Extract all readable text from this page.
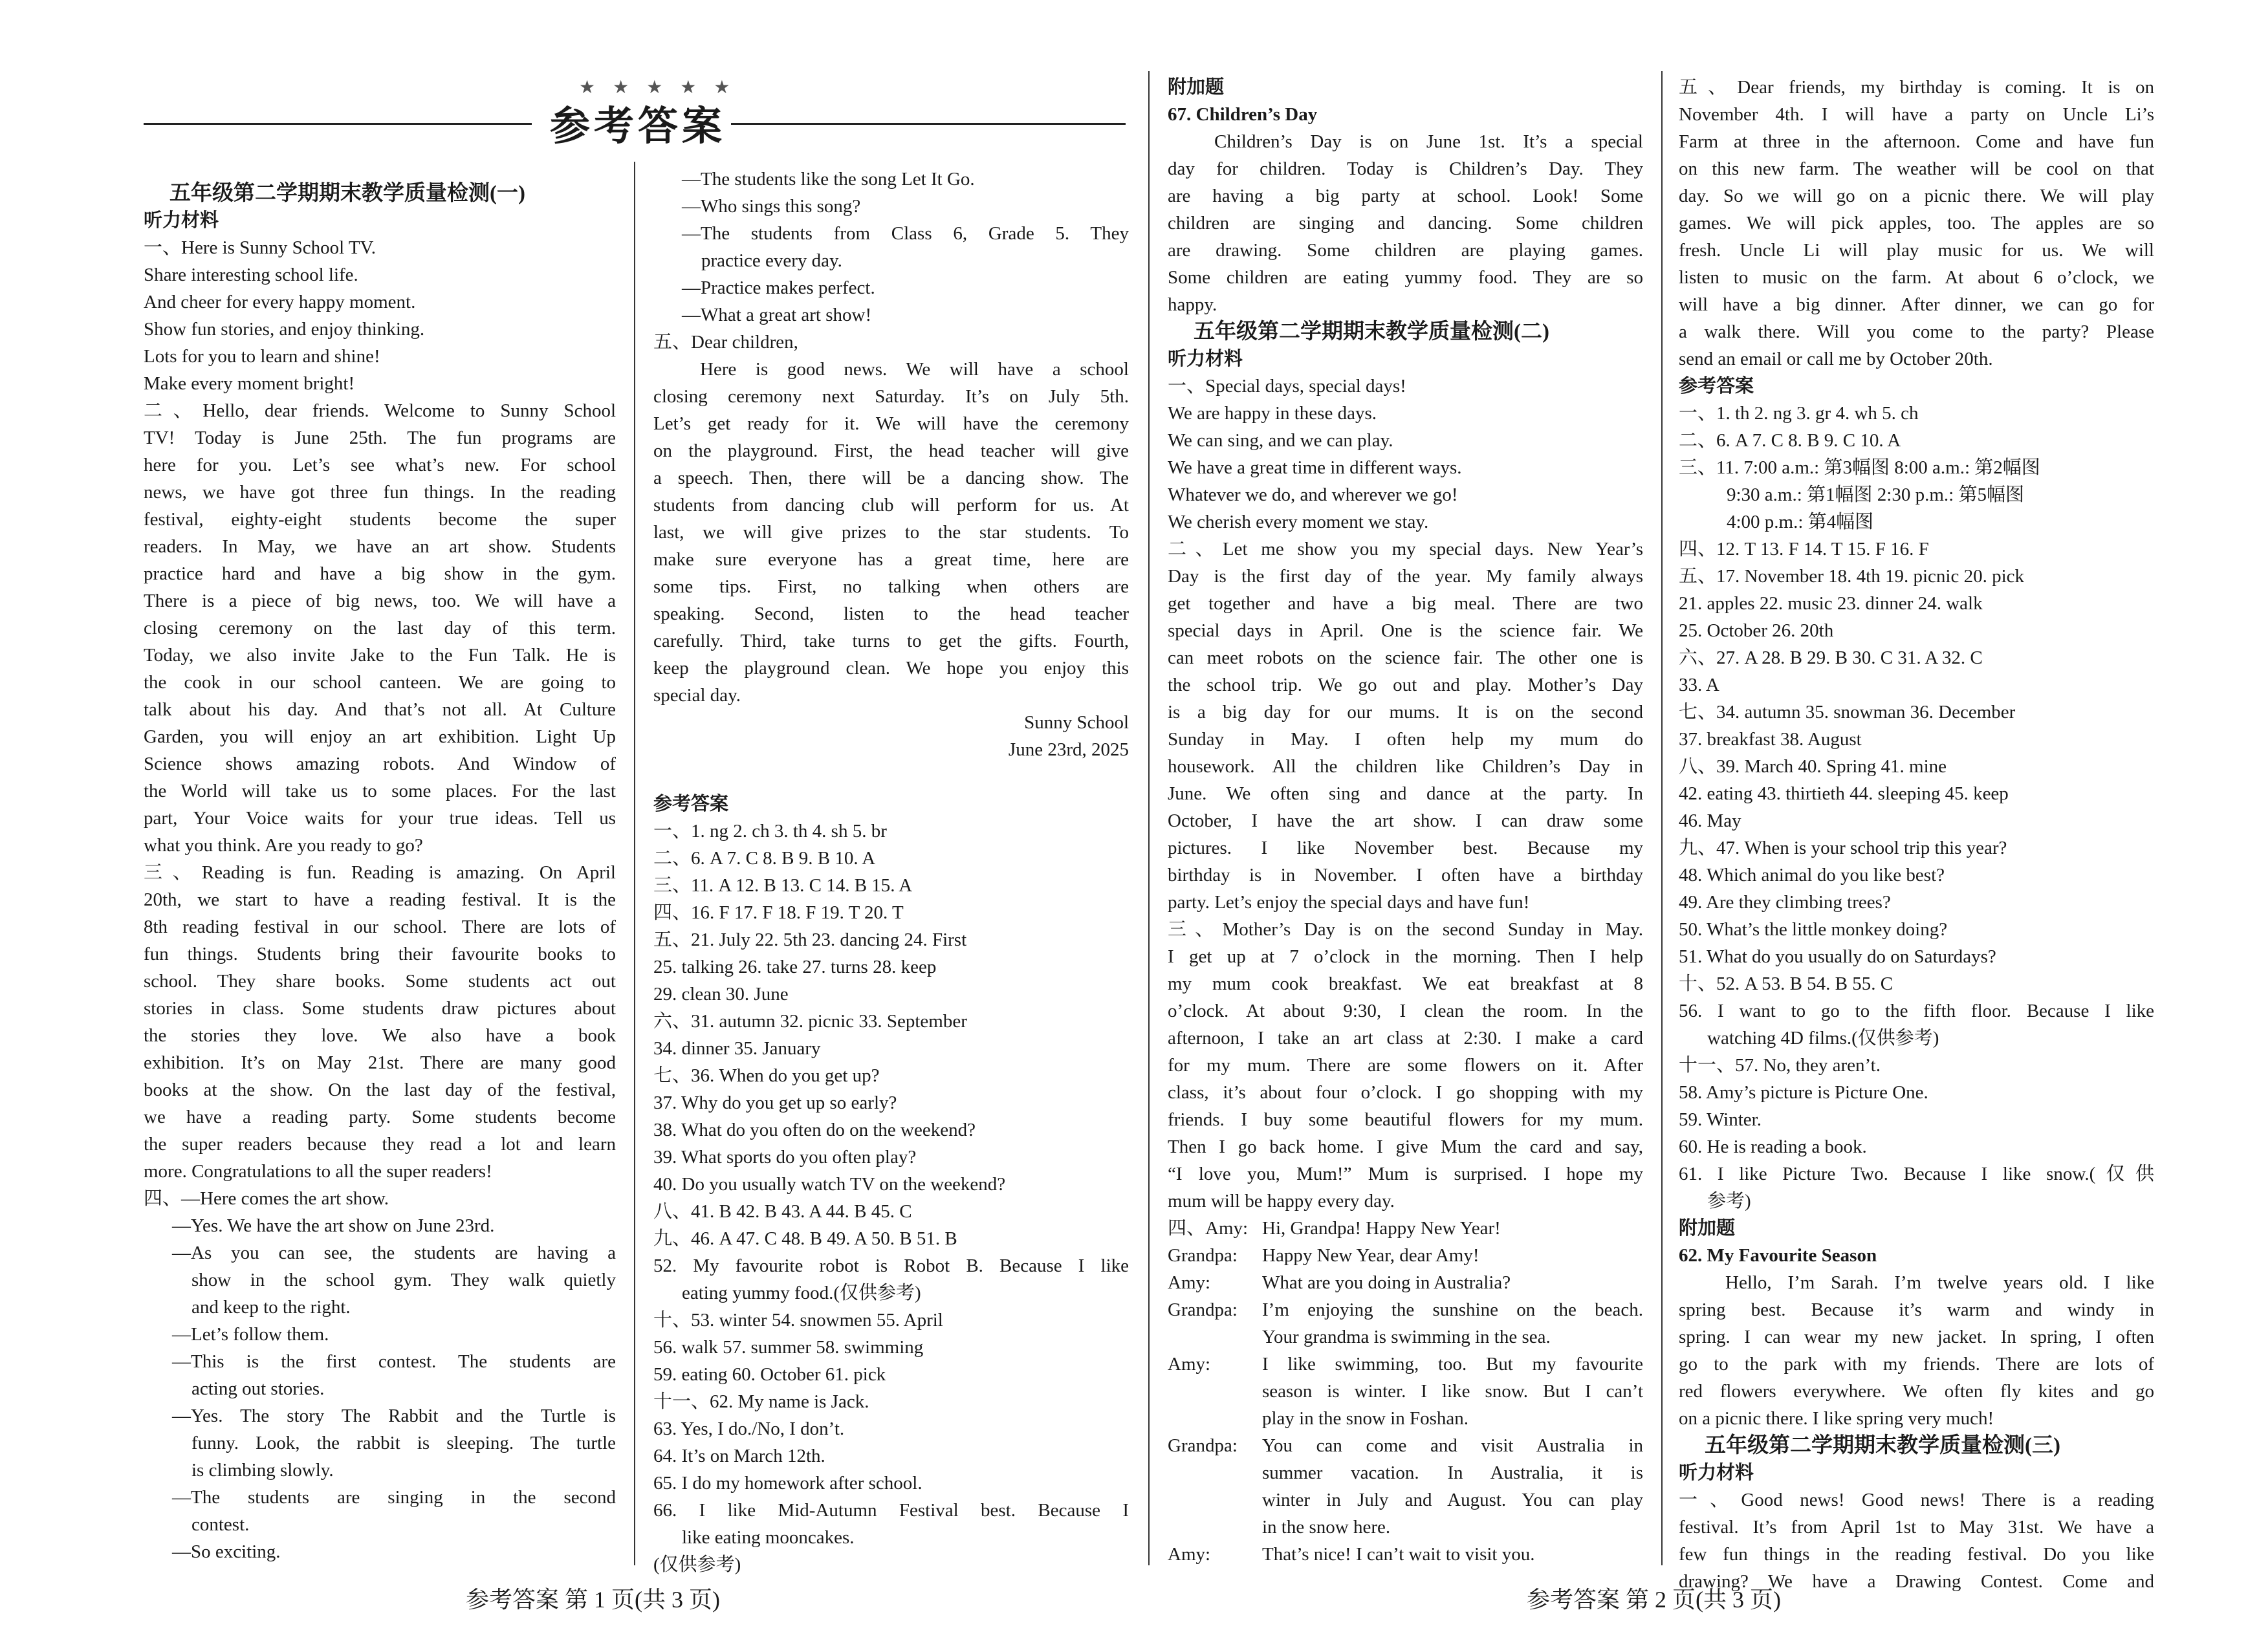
★ ★ ★ ★ ★
参考答案
五年级第二学期期末教学质量检测(一)
听力材料
一、Here is Sunny School TV.
Share interesting school life.
And cheer for every happy moment.
Show fun stories, and enjoy thinking.
Lots for you to learn and shine!
Make every moment bright!
二、Hello, dear friends. Welcome to Sunny School
TV! Today is June 25th. The fun programs are
here for you. Let’s see what’s new. For school
news, we have got three fun things. In the reading
festival, eighty-eight students become the super
readers. In May, we have an art show. Students
practice hard and have a big show in the gym.
There is a piece of big news, too. We will have a
closing ceremony on the last day of this term.
Today, we also invite Jake to the Fun Talk. He is
the cook in our school canteen. We are going to
talk about his day. And that’s not all. At Culture
Garden, you will enjoy an art exhibition. Light Up
Science shows amazing robots. And Window of
the World will take us to some places. For the last
part, Your Voice waits for your true ideas. Tell us
what you think. Are you ready to go?
三、Reading is fun. Reading is amazing. On April
20th, we start to have a reading festival. It is the
8th reading festival in our school. There are lots of
fun things. Students bring their favourite books to
school. They share books. Some students act out
stories in class. Some students draw pictures about
the stories they love. We also have a book
exhibition. It’s on May 21st. There are many good
books at the show. On the last day of the festival,
we have a reading party. Some students become
the super readers because they read a lot and learn
more. Congratulations to all the super readers!
四、—Here comes the art show.
—Yes. We have the art show on June 23rd.
—As you can see, the students are having a
show in the school gym. They walk quietly
and keep to the right.
—Let’s follow them.
—This is the first contest. The students are
acting out stories.
—Yes. The story The Rabbit and the Turtle is
funny. Look, the rabbit is sleeping. The turtle
is climbing slowly.
—The students are singing in the second
contest.
—So exciting.
—The students like the song Let It Go.
—Who sings this song?
—The students from Class 6, Grade 5. They
practice every day.
—Practice makes perfect.
—What a great art show!
五、Dear children,
Here is good news. We will have a school
closing ceremony next Saturday. It’s on July 5th.
Let’s get ready for it. We will have the ceremony
on the playground. First, the head teacher will give
a speech. Then, there will be a dancing show. The
students from dancing club will perform for us. At
last, we will give prizes to the star students. To
make sure everyone has a great time, here are
some tips. First, no talking when others are
speaking. Second, listen to the head teacher
carefully. Third, take turns to get the gifts. Fourth,
keep the playground clean. We hope you enjoy this
special day.
Sunny School
June 23rd, 2025
参考答案
一、1. ng 2. ch 3. th 4. sh 5. br
二、6. A 7. C 8. B 9. B 10. A
三、11. A 12. B 13. C 14. B 15. A
四、16. F 17. F 18. F 19. T 20. T
五、21. July 22. 5th 23. dancing 24. First
25. talking 26. take 27. turns 28. keep
29. clean 30. June
六、31. autumn 32. picnic 33. September
34. dinner 35. January
七、36. When do you get up?
37. Why do you get up so early?
38. What do you often do on the weekend?
39. What sports do you often play?
40. Do you usually watch TV on the weekend?
八、41. B 42. B 43. A 44. B 45. C
九、46. A 47. C 48. B 49. A 50. B 51. B
52. My favourite robot is Robot B. Because I like
eating yummy food.(仅供参考)
十、53. winter 54. snowmen 55. April
56. walk 57. summer 58. swimming
59. eating 60. October 61. pick
十一、62. My name is Jack.
63. Yes, I do./No, I don’t.
64. It’s on March 12th.
65. I do my homework after school.
66. I like Mid-Autumn Festival best. Because I
like eating mooncakes.
(仅供参考)
附加题
67. Children’s Day
Children’s Day is on June 1st. It’s a special
day for children. Today is Children’s Day. They
are having a big party at school. Look! Some
children are singing and dancing. Some children
are drawing. Some children are playing games.
Some children are eating yummy food. They are so
happy.
五年级第二学期期末教学质量检测(二)
听力材料
一、Special days, special days!
We are happy in these days.
We can sing, and we can play.
We have a great time in different ways.
Whatever we do, and wherever we go!
We cherish every moment we stay.
二、Let me show you my special days. New Year’s
Day is the first day of the year. My family always
get together and have a big meal. There are two
special days in April. One is the science fair. We
can meet robots on the science fair. The other one is
the school trip. We go out and play. Mother’s Day
is a big day for our mums. It is on the second
Sunday in May. I often help my mum do
housework. All the children like Children’s Day in
June. We often sing and dance at the party. In
October, I have the art show. I can draw some
pictures. I like November best. Because my
birthday is in November. I often have a birthday
party. Let’s enjoy the special days and have fun!
三、Mother’s Day is on the second Sunday in May.
I get up at 7 o’clock in the morning. Then I help
my mum cook breakfast. We eat breakfast at 8
o’clock. At about 9:30, I clean the room. In the
afternoon, I take an art class at 2:30. I make a card
for my mum. There are some flowers on it. After
class, it’s about four o’clock. I go shopping with my
friends. I buy some beautiful flowers for my mum.
Then I go back home. I give Mum the card and say,
“I love you, Mum!” Mum is surprised. I hope my
mum will be happy every day.
四、Amy: Hi, Grandpa! Happy New Year!
Grandpa:	Happy New Year, dear Amy!
Amy:	What are you doing in Australia?
Grandpa:	I’m enjoying the sunshine on the beach.
Your grandma is swimming in the sea.
Amy:	I like swimming, too. But my favourite
season is winter. I like snow. But I can’t
play in the snow in Foshan.
Grandpa:	You can come and visit Australia in
summer vacation. In Australia, it is
winter in July and August. You can play
in the snow here.
Amy:	That’s nice! I can’t wait to visit you.
五、Dear friends, my birthday is coming. It is on
November 4th. I will have a party on Uncle Li’s
Farm at three in the afternoon. Come and have fun
on this new farm. The weather will be cool on that
day. So we will go on a picnic there. We will play
games. We will pick apples, too. The apples are so
fresh. Uncle Li will play music for us. We will
listen to music on the farm. At about 6 o’clock, we
will have a big dinner. After dinner, we can go for
a walk there. Will you come to the party? Please
send an email or call me by October 20th.
参考答案
一、1. th 2. ng 3. gr 4. wh 5. ch
二、6. A 7. C 8. B 9. C 10. A
三、11. 7:00 a.m.: 第3幅图 8:00 a.m.: 第2幅图
9:30 a.m.: 第1幅图 2:30 p.m.: 第5幅图
4:00 p.m.: 第4幅图
四、12. T 13. F 14. T 15. F 16. F
五、17. November 18. 4th 19. picnic 20. pick
21. apples 22. music 23. dinner 24. walk
25. October 26. 20th
六、27. A 28. B 29. B 30. C 31. A 32. C
33. A
七、34. autumn 35. snowman 36. December
37. breakfast 38. August
八、39. March 40. Spring 41. mine
42. eating 43. thirtieth 44. sleeping 45. keep
46. May
九、47. When is your school trip this year?
48. Which animal do you like best?
49. Are they climbing trees?
50. What’s the little monkey doing?
51. What do you usually do on Saturdays?
十、52. A 53. B 54. B 55. C
56. I want to go to the fifth floor. Because I like
watching 4D films.(仅供参考)
十一、57. No, they aren’t.
58. Amy’s picture is Picture One.
59. Winter.
60. He is reading a book.
61. I like Picture Two. Because I like snow.(仅供
参考)
附加题
62. My Favourite Season
Hello, I’m Sarah. I’m twelve years old. I like
spring best. Because it’s warm and windy in
spring. I can wear my new jacket. In spring, I often
go to the park with my friends. There are lots of
red flowers everywhere. We often fly kites and go
on a picnic there. I like spring very much!
五年级第二学期期末教学质量检测(三)
听力材料
一、Good news! Good news! There is a reading
festival. It’s from April 1st to May 31st. We have a
few fun things in the reading festival. Do you like
drawing? We have a Drawing Contest. Come and
参考答案 第 1 页(共 3 页)	参考答案 第 2 页(共 3 页)
